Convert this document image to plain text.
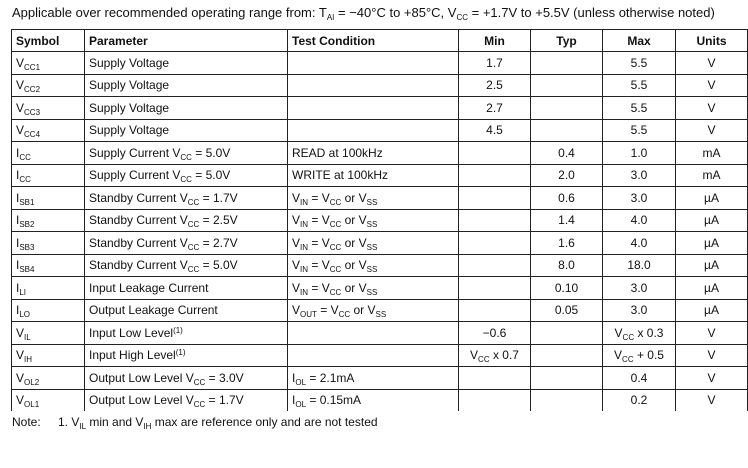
Applicable over recommended operating range from: $T_{AI} = -40^\circ C$ to +85°C, $V_{CC} = +1.7V$ to +5.5V (unless otherwise noted)
Symbol	Parameter	Test Condition	Min	Typ	Max	Units
$V_{CC1}$	Supply Voltage		1.7		5.5	V
$V_{CC2}$	Supply Voltage		2.5		5.5	V
$V_{CC3}$	Supply Voltage		2.7		5.5	V
$V_{CC4}$	Supply Voltage		4.5		5.5	V
$I_{CC}$	Supply Current $V_{CC} = 5.0V$	READ at 100kHz		0.4	1.0	mA
$I_{CC}$	Supply Current $V_{CC} = 5.0V$	WRITE at 100kHz		2.0	3.0	mA
$I_{SB1}$	Standby Current $V_{CC} = 1.7V$	$V_{IN} = V_{CC}$ or $V_{SS}$		0.6	3.0	µA
$I_{SB2}$	Standby Current $V_{CC} = 2.5V$	$V_{IN} = V_{CC}$ or $V_{SS}$		1.4	4.0	µA
$I_{SB3}$	Standby Current $V_{CC} = 2.7V$	$V_{IN} = V_{CC}$ or $V_{SS}$		1.6	4.0	µA
$I_{SB4}$	Standby Current $V_{CC} = 5.0V$	$V_{IN} = V_{CC}$ or $V_{SS}$		8.0	18.0	µA
$I_{LI}$	Input Leakage Current	$V_{IN} = V_{CC}$ or $V_{SS}$		0.10	3.0	µA
$I_{LO}$	Output Leakage Current	$V_{OUT} = V_{CC}$ or $V_{SS}$		0.05	3.0	µA
$V_{IL}$	Input Low Level$^{(1)}$		−0.6		$V_{CC}$ x 0.3	V
$V_{IH}$	Input High Level$^{(1)}$		$V_{CC}$ x 0.7		$V_{CC} + 0.5$	V
$V_{OL2}$	Output Low Level $V_{CC} = 3.0V$	$I_{OL} = 2.1mA$			0.4	V
$V_{OL1}$	Output Low Level $V_{CC} = 1.7V$	$I_{OL} = 0.15mA$			0.2	V
Note: 1. $V_{IL}$ min and $V_{IH}$ max are reference only and are not tested
